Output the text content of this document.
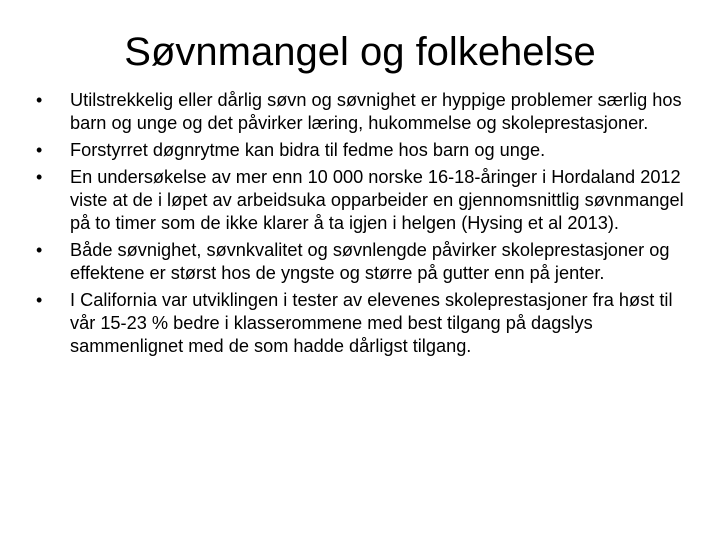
Søvnmangel og folkehelse
•	Utilstrekkelig eller dårlig søvn og søvnighet er hyppige problemer særlig hos barn og unge og det påvirker læring, hukommelse og skoleprestasjoner.
•	Forstyrret døgnrytme kan bidra til fedme hos barn og unge.
•	En undersøkelse av mer enn 10 000 norske 16-18-åringer i Hordaland 2012 viste at de i løpet av arbeidsuka opparbeider en gjennomsnittlig søvnmangel på to timer som de ikke klarer å ta igjen i helgen (Hysing et al 2013).
•	Både søvnighet, søvnkvalitet og søvnlengde påvirker skoleprestasjoner og effektene er størst hos de yngste og større på gutter enn på jenter.
•	I California var utviklingen i tester av elevenes skoleprestasjoner fra høst til vår 15-23 % bedre i klasserommene med best tilgang på dagslys sammenlignet med de som hadde dårligst tilgang.
